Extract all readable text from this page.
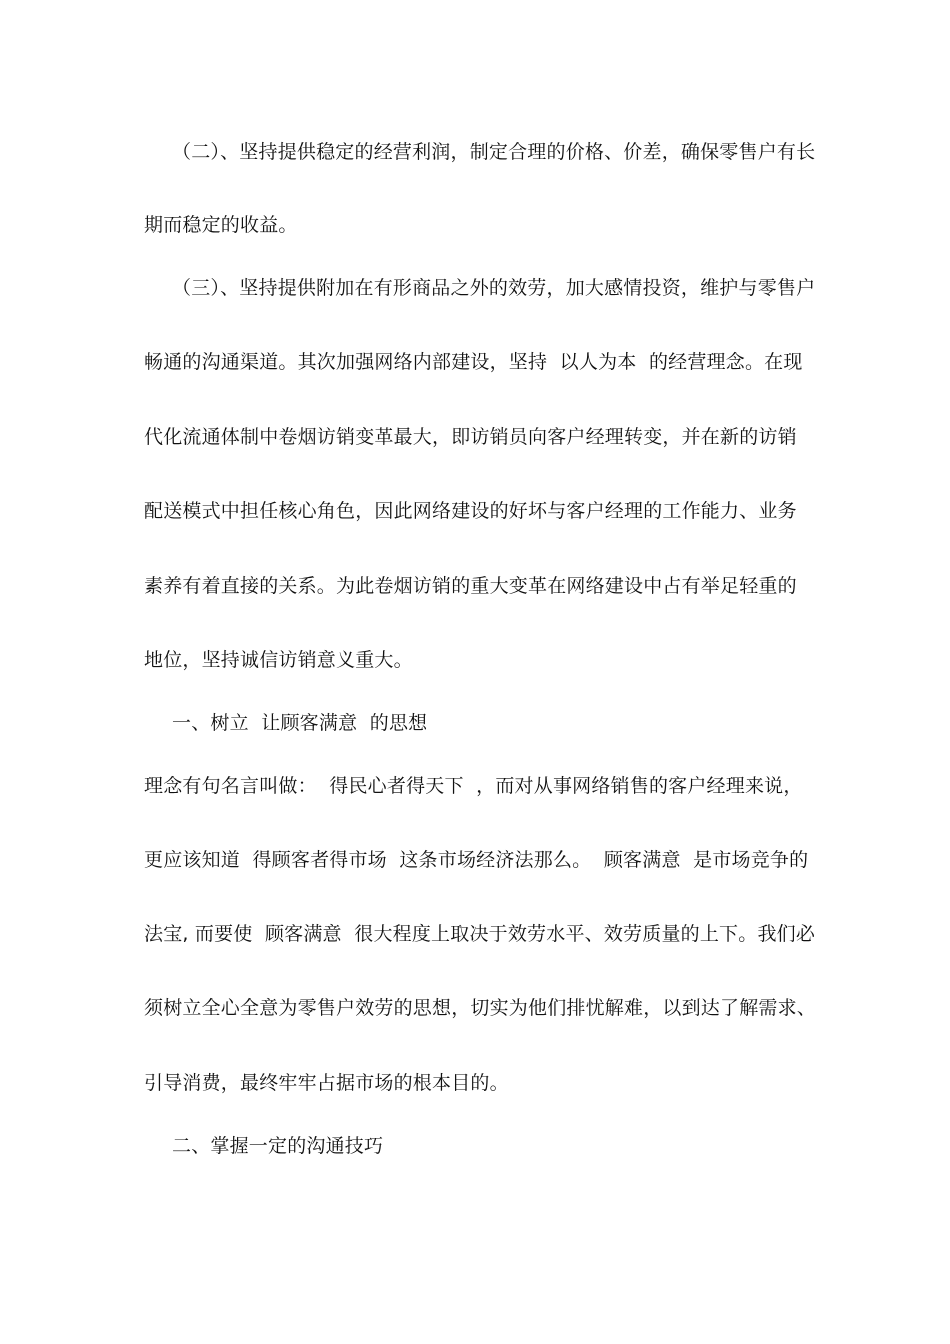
（二）、坚持提供稳定的经营利润，制定合理的价格、价差，确保零售户有长
期而稳定的收益。
（三）、坚持提供附加在有形商品之外的效劳，加大感情投资，维护与零售户
畅通的沟通渠道。其次加强网络内部建设，坚持  以人为本  的经营理念。在现
代化流通体制中卷烟访销变革最大，即访销员向客户经理转变，并在新的访销
配送模式中担任核心角色，因此网络建设的好坏与客户经理的工作能力、业务
素养有着直接的关系。为此卷烟访销的重大变革在网络建设中占有举足轻重的
地位，坚持诚信访销意义重大。
一、树立  让顾客满意  的思想
理念有句名言叫做：  得民心者得天下  ，而对从事网络销售的客户经理来说，
更应该知道  得顾客者得市场  这条市场经济法那么。  顾客满意  是市场竞争的
法宝, 而要使  顾客满意  很大程度上取决于效劳水平、效劳质量的上下。我们必
须树立全心全意为零售户效劳的思想，切实为他们排忧解难，以到达了解需求、
引导消费，最终牢牢占据市场的根本目的。
二、掌握一定的沟通技巧
